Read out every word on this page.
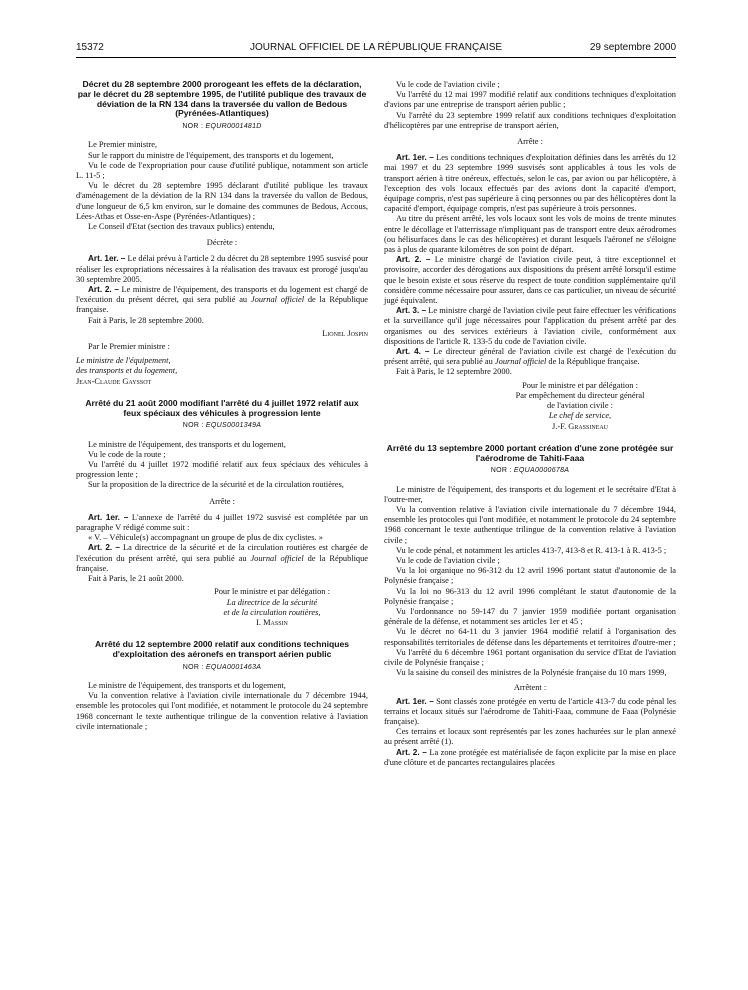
15372	JOURNAL OFFICIEL DE LA RÉPUBLIQUE FRANÇAISE	29 septembre 2000
Décret du 28 septembre 2000 prorogeant les effets de la déclaration, par le décret du 28 septembre 1995, de l'utilité publique des travaux de déviation de la RN 134 dans la traversée du vallon de Bedous (Pyrénées-Atlantiques)
NOR : EQUR0001481D

Le Premier ministre,

Sur le rapport du ministre de l'équipement, des transports et du logement,

Vu le code de l'expropriation pour cause d'utilité publique, notamment son article L. 11-5 ;

Vu le décret du 28 septembre 1995 déclarant d'utilité publique les travaux d'aménagement de la déviation de la RN 134 dans la traversée du vallon de Bedous, d'une longueur de 6,5 km environ, sur le domaine des communes de Bedous, Accous, Lées-Athas et Osse-en-Aspe (Pyrénées-Atlantiques) ;

Le Conseil d'Etat (section des travaux publics) entendu,

Décrète :

Art. 1er. – Le délai prévu à l'article 2 du décret du 28 septembre 1995 susvisé pour réaliser les expropriations nécessaires à la réalisation des travaux est prorogé jusqu'au 30 septembre 2005.

Art. 2. – Le ministre de l'équipement, des transports et du logement est chargé de l'exécution du présent décret, qui sera publié au Journal officiel de la République française.

Fait à Paris, le 28 septembre 2000.

Lionel Jospin
Par le Premier ministre :
Le ministre de l'équipement,
des transports et du logement,
Jean-Claude Gayssot
Arrêté du 21 août 2000 modifiant l'arrêté du 4 juillet 1972 relatif aux feux spéciaux des véhicules à progression lente
NOR : EQUS0001349A

Le ministre de l'équipement, des transports et du logement,

Vu le code de la route ;

Vu l'arrêté du 4 juillet 1972 modifié relatif aux feux spéciaux des véhicules à progression lente ;

Sur la proposition de la directrice de la sécurité et de la circulation routières,

Arrête :

Art. 1er. – L'annexe de l'arrêté du 4 juillet 1972 susvisé est complétée par un paragraphe V rédigé comme suit :

« V. – Véhicule(s) accompagnant un groupe de plus de dix cyclistes. »

Art. 2. – La directrice de la sécurité et de la circulation routières est chargée de l'exécution du présent arrêté, qui sera publié au Journal officiel de la République française.

Fait à Paris, le 21 août 2000.

Pour le ministre et par délégation :
La directrice de la sécurité
et de la circulation routières,
I. Massin
Arrêté du 12 septembre 2000 relatif aux conditions techniques d'exploitation des aéronefs en transport aérien public
NOR : EQUA0001463A

Le ministre de l'équipement, des transports et du logement,

Vu la convention relative à l'aviation civile internationale du 7 décembre 1944, ensemble les protocoles qui l'ont modifiée, et notamment le protocole du 24 septembre 1968 concernant le texte authentique trilingue de la convention relative à l'aviation civile internationale ;

Vu le code de l'aviation civile ;

Vu l'arrêté du 12 mai 1997 modifié relatif aux conditions techniques d'exploitation d'avions par une entreprise de transport aérien public ;

Vu l'arrêté du 23 septembre 1999 relatif aux conditions techniques d'exploitation d'hélicoptères par une entreprise de transport aérien,

Arrête :

Art. 1er. – Les conditions techniques d'exploitation définies dans les arrêtés du 12 mai 1997 et du 23 septembre 1999 susvisés sont applicables à tous les vols de transport aérien à titre onéreux, effectués, selon le cas, par avion ou par hélicoptère, à l'exception des vols locaux effectués par des avions dont la capacité d'emport, équipage compris, n'est pas supérieure à cinq personnes ou par des hélicoptères dont la capacité d'emport, équipage compris, n'est pas supérieure à trois personnes.

Au titre du présent arrêté, les vols locaux sont les vols de moins de trente minutes entre le décollage et l'atterrissage n'impliquant pas de transport entre deux aérodromes (ou hélisurfaces dans le cas des hélicoptères) et durant lesquels l'aéronef ne s'éloigne pas à plus de quarante kilomètres de son point de départ.

Art. 2. – Le ministre chargé de l'aviation civile peut, à titre exceptionnel et provisoire, accorder des dérogations aux dispositions du présent arrêté lorsqu'il estime que le besoin existe et sous réserve du respect de toute condition supplémentaire qu'il considère comme nécessaire pour assurer, dans ce cas particulier, un niveau de sécurité jugé équivalent.

Art. 3. – Le ministre chargé de l'aviation civile peut faire effectuer les vérifications et la surveillance qu'il juge nécessaires pour l'application du présent arrêté par des organismes ou des services extérieurs à l'aviation civile, conformément aux dispositions de l'article R. 133-5 du code de l'aviation civile.

Art. 4. – Le directeur général de l'aviation civile est chargé de l'exécution du présent arrêté, qui sera publié au Journal officiel de la République française.

Fait à Paris, le 12 septembre 2000.

Pour le ministre et par délégation :
Par empêchement du directeur général
de l'aviation civile :
Le chef de service,
J.-F. Grassineau
Arrêté du 13 septembre 2000 portant création d'une zone protégée sur l'aérodrome de Tahiti-Faaa
NOR : EQUA0000678A

Le ministre de l'équipement, des transports et du logement et le secrétaire d'Etat à l'outre-mer,

Vu la convention relative à l'aviation civile internationale du 7 décembre 1944, ensemble les protocoles qui l'ont modifiée, et notamment le protocole du 24 septembre 1968 concernant le texte authentique trilingue de la convention relative à l'aviation civile ;

Vu le code pénal, et notamment les articles 413-7, 413-8 et R. 413-1 à R. 413-5 ;

Vu le code de l'aviation civile ;

Vu la loi organique no 96-312 du 12 avril 1996 portant statut d'autonomie de la Polynésie française ;

Vu la loi no 96-313 du 12 avril 1996 complétant le statut d'autonomie de la Polynésie française ;

Vu l'ordonnance no 59-147 du 7 janvier 1959 modifiée portant organisation générale de la défense, et notamment ses articles 1er et 45 ;

Vu le décret no 64-11 du 3 janvier 1964 modifié relatif à l'organisation des responsabilités territoriales de défense dans les départements et territoires d'outre-mer ;

Vu l'arrêté du 6 décembre 1961 portant organisation du service d'Etat de l'aviation civile de Polynésie française ;

Vu la saisine du conseil des ministres de la Polynésie française du 10 mars 1999,

Arrêtent :

Art. 1er. – Sont classés zone protégée en vertu de l'article 413-7 du code pénal les terrains et locaux situés sur l'aérodrome de Tahiti-Faaa, commune de Faaa (Polynésie française).

Ces terrains et locaux sont représentés par les zones hachurées sur le plan annexé au présent arrêté (1).

Art. 2. – La zone protégée est matérialisée de façon explicite par la mise en place d'une clôture et de pancartes rectangulaires placées
